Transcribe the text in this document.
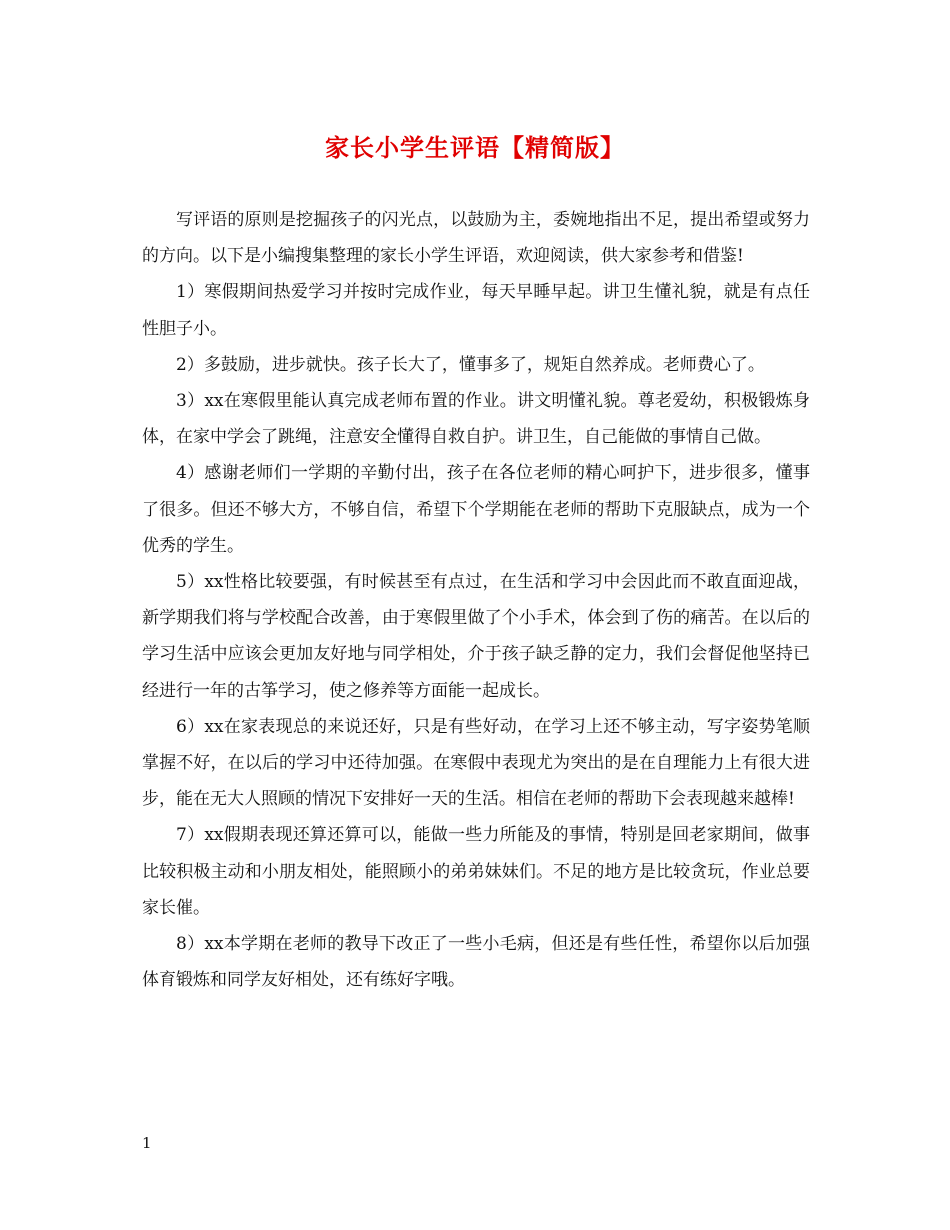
家长小学生评语【精简版】

写评语的原则是挖掘孩子的闪光点，以鼓励为主，委婉地指出不足，提出希望或努力的方向。以下是小编搜集整理的家长小学生评语，欢迎阅读，供大家参考和借鉴!

1）寒假期间热爱学习并按时完成作业，每天早睡早起。讲卫生懂礼貌，就是有点任性胆子小。

2）多鼓励，进步就快。孩子长大了，懂事多了，规矩自然养成。老师费心了。

3）xx在寒假里能认真完成老师布置的作业。讲文明懂礼貌。尊老爱幼，积极锻炼身体，在家中学会了跳绳，注意安全懂得自救自护。讲卫生，自己能做的事情自己做。

4）感谢老师们一学期的辛勤付出，孩子在各位老师的精心呵护下，进步很多，懂事了很多。但还不够大方，不够自信，希望下个学期能在老师的帮助下克服缺点，成为一个优秀的学生。

5）xx性格比较要强，有时候甚至有点过，在生活和学习中会因此而不敢直面迎战，新学期我们将与学校配合改善，由于寒假里做了个小手术，体会到了伤的痛苦。在以后的学习生活中应该会更加友好地与同学相处，介于孩子缺乏静的定力，我们会督促他坚持已经进行一年的古筝学习，使之修养等方面能一起成长。

6）xx在家表现总的来说还好，只是有些好动，在学习上还不够主动，写字姿势笔顺掌握不好，在以后的学习中还待加强。在寒假中表现尤为突出的是在自理能力上有很大进步，能在无大人照顾的情况下安排好一天的生活。相信在老师的帮助下会表现越来越棒!

7）xx假期表现还算还算可以，能做一些力所能及的事情，特别是回老家期间，做事比较积极主动和小朋友相处，能照顾小的弟弟妹妹们。不足的地方是比较贪玩，作业总要家长催。

8）xx本学期在老师的教导下改正了一些小毛病，但还是有些任性，希望你以后加强体育锻炼和同学友好相处，还有练好字哦。

1
